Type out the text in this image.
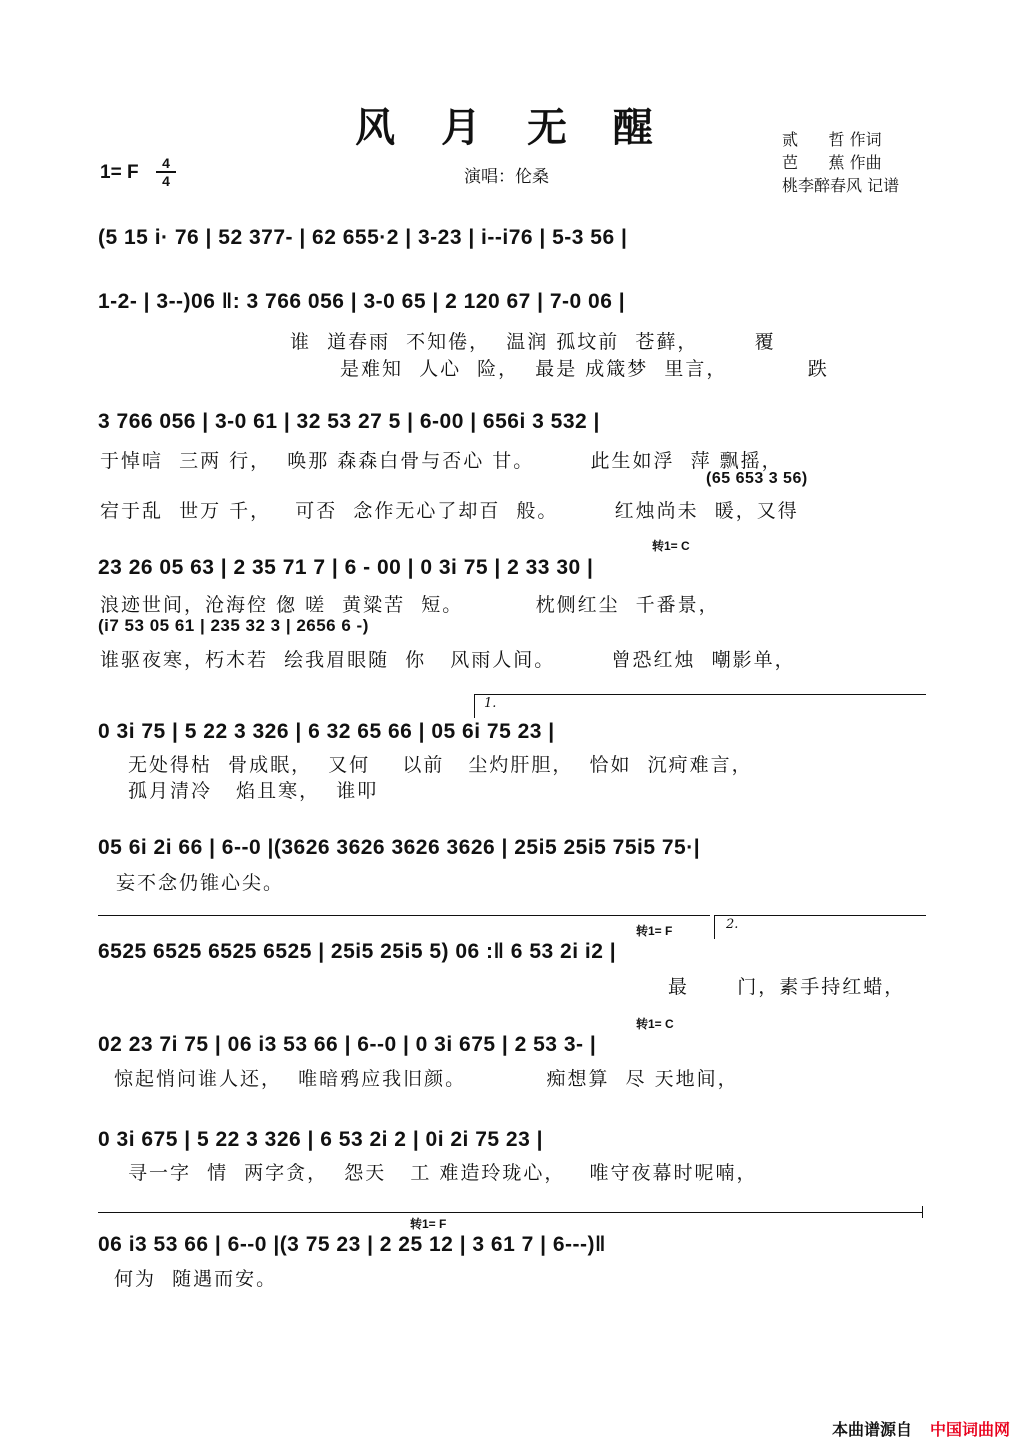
风 月 无 醒
1= F	4
4	演唱：伦桑
贰      哲 作词
芭      蕉 作曲
桃李醉春风 记谱
(5 15 i· 76 | 52 377- | 62 655·2 | 3-23 | i--i76 | 5-3 56 |
1-2- | 3--)06 ‖: 3 766 056 | 3-0 65 | 2 120 67 | 7-0 06 |
谁  道春雨  不知倦，  温润 孤坟前  苍藓，       覆
是难知  人心  险，  最是 成箴梦  里言，          跌
3 766 056 | 3-0 61 | 32 53 27 5 | 6-00 | 656i 3 532 |
于悼唁  三两 行，  唤那 森森白骨与否心 甘。       此生如浮  萍 飘摇，
(65 653 3 56)
宕于乱  世万 千，   可否  念作无心了却百  般。       红烛尚未  暖，又得
转1= C
23 26 05 63 | 2 35 71 7 | 6 - 00 | 0 3i 75 | 2 33 30 |
浪迹世间，沧海倥 偬 嗟  黄粱苦  短。         枕侧红尘  千番景，
(i7 53 05 61 | 235 32 3 | 2656 6 -)
谁驱夜寒，朽木若  绘我眉眼随  你   风雨人间。       曾恐红烛  嘲影单，
1.
0 3i 75 | 5 22 3 326 | 6 32 65 66 | 05 6i 75 23 |
无处得枯  骨成眠，  又何    以前   尘灼肝胆，  恰如  沉疴难言，
孤月清冷   焰且寒，  谁叩
05 6i 2i 66 | 6--0 |(3626 3626 3626 3626 | 25i5 25i5 75i5 75·|
妄不念仍锥心尖。
2.
转1= F
6525 6525 6525 6525 | 25i5 25i5 5) 06 :‖ 6 53 2i i2 |
最      门，素手持红蜡，
转1= C
02 23 7i 75 | 06 i3 53 66 | 6--0 | 0 3i 675 | 2 53 3- |
惊起悄问谁人还，  唯暗鸦应我旧颜。          痴想算  尽 天地间，
0 3i 675 | 5 22 3 326 | 6 53 2i 2 | 0i 2i 75 23 |
寻一字  情  两字贪，  怨天   工 难造玲珑心，   唯守夜幕时呢喃，
转1= F
06 i3 53 66 | 6--0 |(3 75 23 | 2 25 12 | 3 61 7 | 6---)‖
何为  随遇而安。
本曲谱源自 中国词曲网
